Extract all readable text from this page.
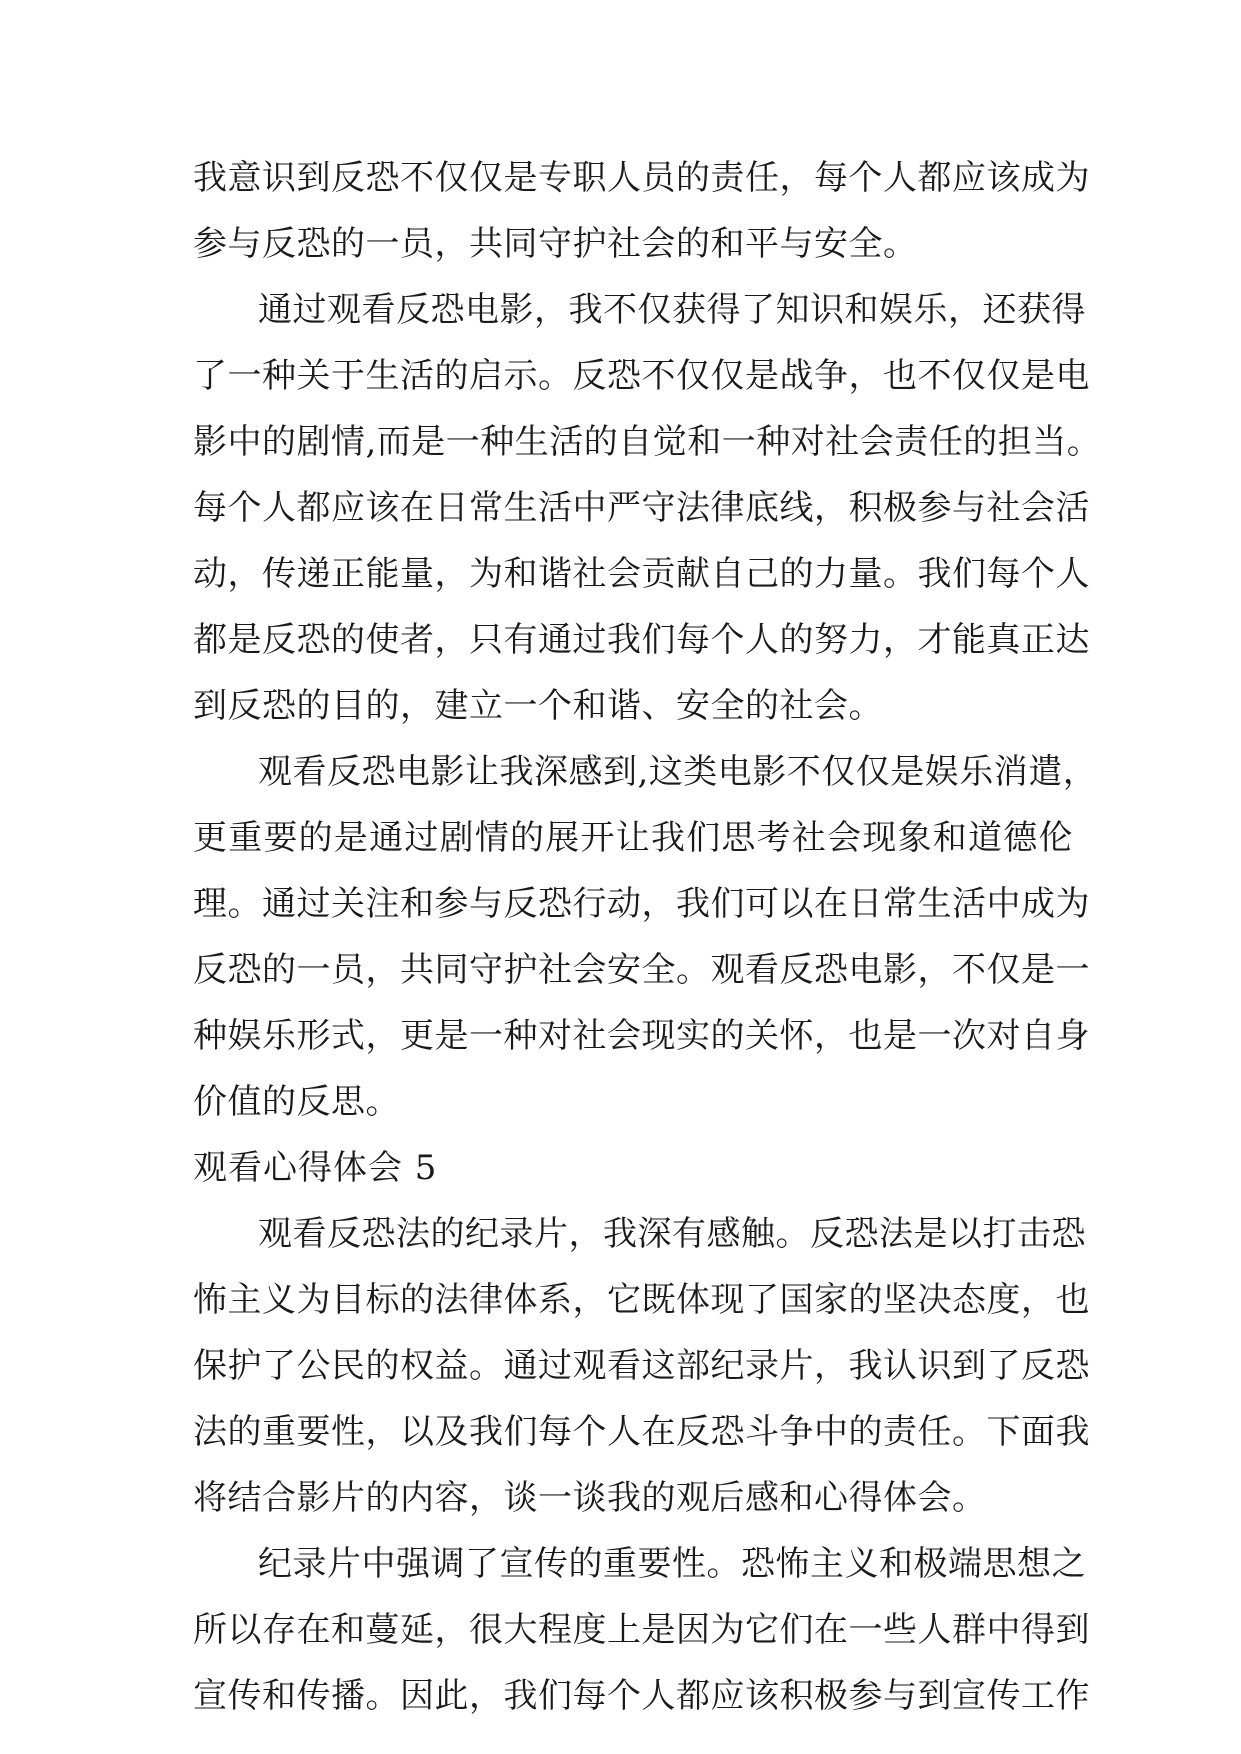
我意识到反恐不仅仅是专职人员的责任，每个人都应该成为

参与反恐的一员，共同守护社会的和平与安全。

通过观看反恐电影，我不仅获得了知识和娱乐，还获得

了一种关于生活的启示。反恐不仅仅是战争，也不仅仅是电

影中的剧情,而是一种生活的自觉和一种对社会责任的担当。

每个人都应该在日常生活中严守法律底线，积极参与社会活

动，传递正能量，为和谐社会贡献自己的力量。我们每个人

都是反恐的使者，只有通过我们每个人的努力，才能真正达

到反恐的目的，建立一个和谐、安全的社会。

观看反恐电影让我深感到,这类电影不仅仅是娱乐消遣，

更重要的是通过剧情的展开让我们思考社会现象和道德伦

理。通过关注和参与反恐行动，我们可以在日常生活中成为

反恐的一员，共同守护社会安全。观看反恐电影，不仅是一

种娱乐形式，更是一种对社会现实的关怀，也是一次对自身

价值的反思。

观看心得体会 5

观看反恐法的纪录片，我深有感触。反恐法是以打击恐

怖主义为目标的法律体系，它既体现了国家的坚决态度，也

保护了公民的权益。通过观看这部纪录片，我认识到了反恐

法的重要性，以及我们每个人在反恐斗争中的责任。下面我

将结合影片的内容，谈一谈我的观后感和心得体会。

纪录片中强调了宣传的重要性。恐怖主义和极端思想之

所以存在和蔓延，很大程度上是因为它们在一些人群中得到

宣传和传播。因此，我们每个人都应该积极参与到宣传工作
